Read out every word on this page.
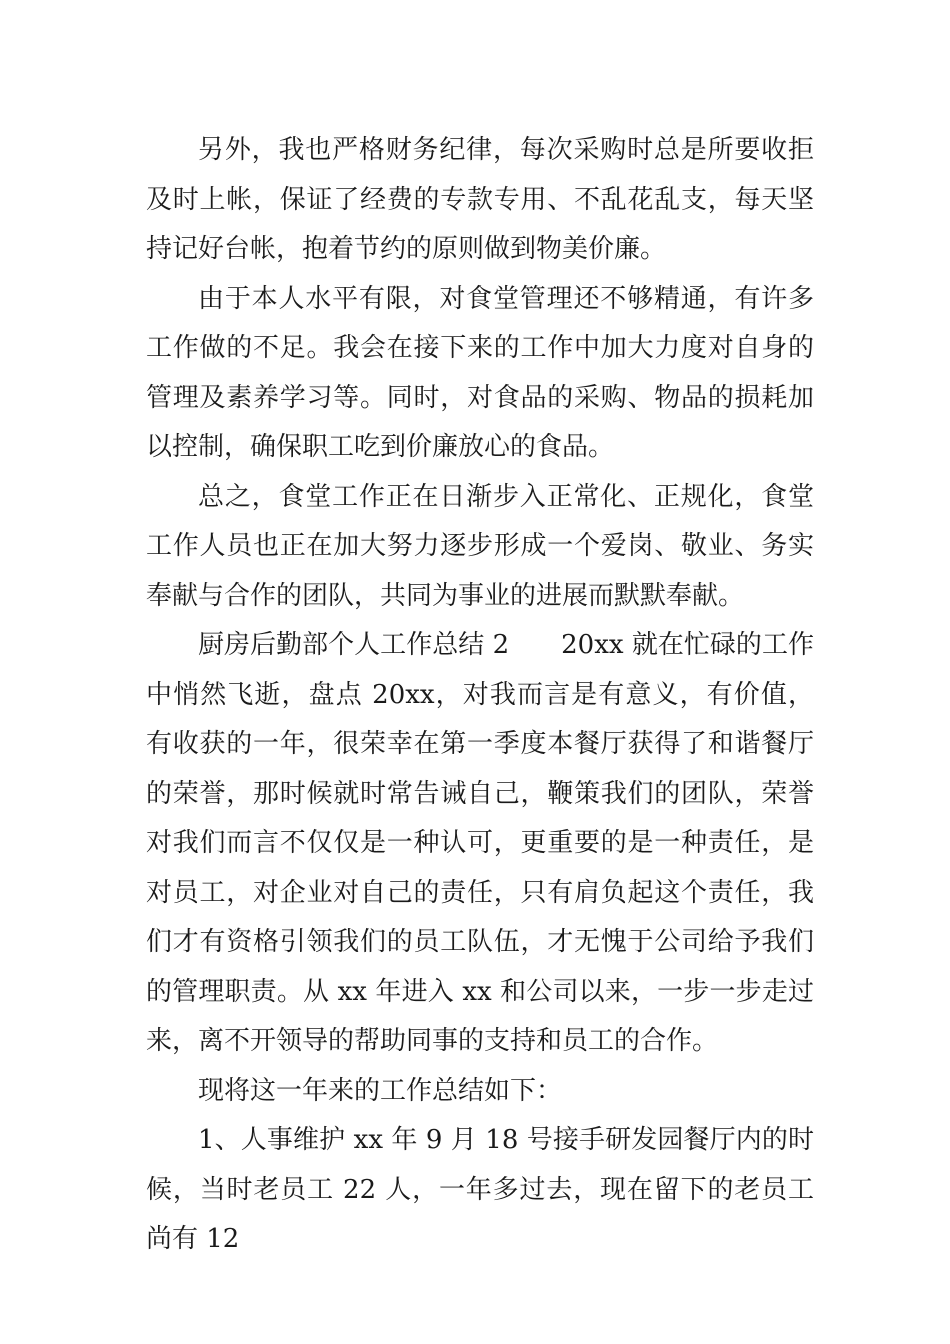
另外，我也严格财务纪律，每次采购时总是所要收拒及时上帐，保证了经费的专款专用、不乱花乱支，每天坚持记好台帐，抱着节约的原则做到物美价廉。

由于本人水平有限，对食堂管理还不够精通，有许多工作做的不足。我会在接下来的工作中加大力度对自身的管理及素养学习等。同时，对食品的采购、物品的损耗加以控制，确保职工吃到价廉放心的食品。

总之，食堂工作正在日渐步入正常化、正规化，食堂工作人员也正在加大努力逐步形成一个爱岗、敬业、务实奉献与合作的团队，共同为事业的进展而默默奉献。

厨房后勤部个人工作总结 2 20xx 就在忙碌的工作中悄然飞逝，盘点 20xx，对我而言是有意义，有价值，有收获的一年，很荣幸在第一季度本餐厅获得了和谐餐厅的荣誉，那时候就时常告诫自己，鞭策我们的团队，荣誉对我们而言不仅仅是一种认可，更重要的是一种责任，是对员工，对企业对自己的责任，只有肩负起这个责任，我们才有资格引领我们的员工队伍，才无愧于公司给予我们的管理职责。从 xx 年进入 xx 和公司以来，一步一步走过来，离不开领导的帮助同事的支持和员工的合作。

现将这一年来的工作总结如下：

1、人事维护 xx 年 9 月 18 号接手研发园餐厅内的时候，当时老员工 22 人，一年多过去，现在留下的老员工尚有 12
